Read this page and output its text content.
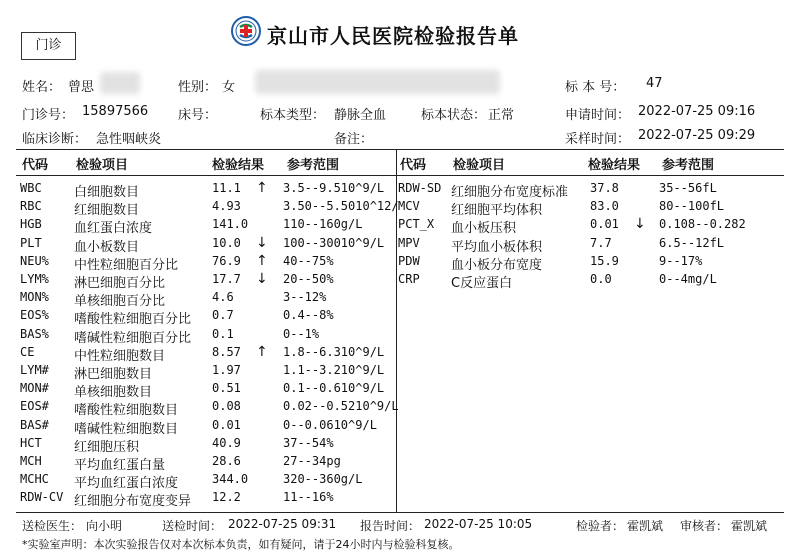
京山市人民医院检验报告单
门诊
姓名： 曾思	性别： 女	标 本 号： 47
门诊号： 15897566 床号：	标本类型： 静脉全血	标本状态： 正常	申请时间： 2022-07-25 09:16
临床诊断： 急性咽峡炎	备注：	采样时间： 2022-07-25 09:29
代码 检验项目	检验结果 参考范围	代码 检验项目	检验结果 参考范围
WBC 白细胞数目	11.1 ↑ 3.5--9.510^9/L
RBC 红细胞数目	4.93	3.50--5.5010^12/
HGB 血红蛋白浓度	141.0	110--160g/L
PLT 血小板数目	10.0 ↓ 100--30010^9/L
NEU% 中性粒细胞百分比	76.9 ↑ 40--75%
LYM% 淋巴细胞百分比	17.7 ↓ 20--50%
MON% 单核细胞百分比	4.6	3--12%
EOS% 嗜酸性粒细胞百分比 0.7	0.4--8%
BAS% 嗜碱性粒细胞百分比 0.1	0--1%
CE	中性粒细胞数目	8.57 ↑ 1.8--6.310^9/L
LYM# 淋巴细胞数目	1.97	1.1--3.210^9/L
MON# 单核细胞数目	0.51	0.1--0.610^9/L
EOS# 嗜酸性粒细胞数目	0.08	0.02--0.5210^9/L
BAS# 嗜碱性粒细胞数目	0.01	0--0.0610^9/L
HCT 红细胞压积	40.9	37--54%
MCH 平均血红蛋白量	28.6	27--34pg
MCHC 平均血红蛋白浓度	344.0	320--360g/L
RDW-CV 红细胞分布宽度变异 12.2	11--16%
RDW-SD 红细胞分布宽度标准 37.8	35--56fL
MCV 红细胞平均体积	83.0	80--100fL
PCT_X 血小板压积	0.01 ↓ 0.108--0.282
MPV 平均血小板体积	7.7	6.5--12fL
PDW 血小板分布宽度	15.9	9--17%
CRP C反应蛋白	0.0	0--4mg/L
送检医生： 向小明	送检时间： 2022-07-25 09:31 报告时间： 2022-07-25 10:05	检验者： 霍凯斌 审核者： 霍凯斌
*实验室声明：本次实验报告仅对本次标本负责，如有疑问，请于24小时内与检验科复核。
